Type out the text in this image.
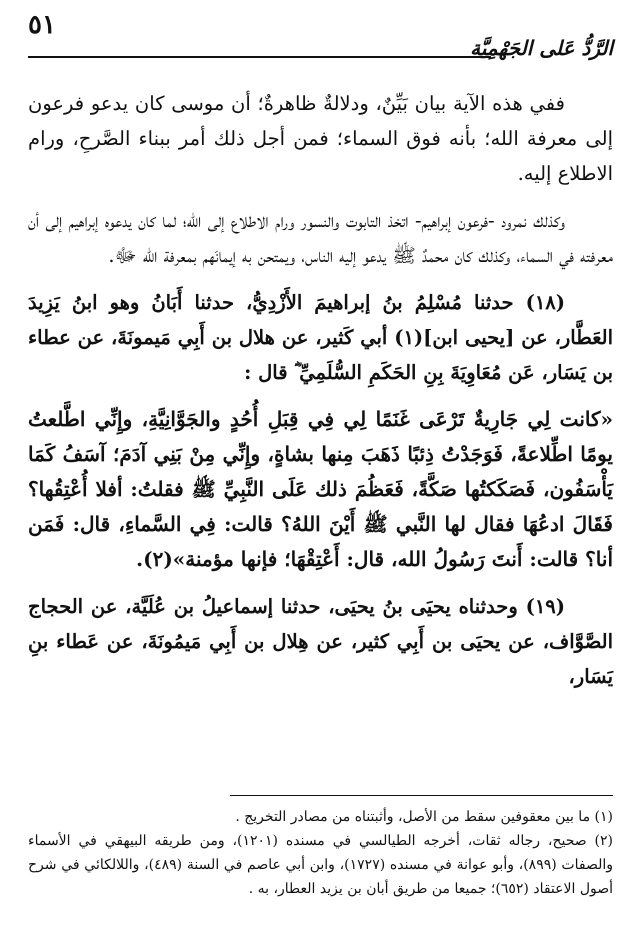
٥١
الرَّدُّ عَلى الجَهْمِيَّة

ففي هذه الآية بيان بَيِّنٌ، ودلالةٌ ظاهرةٌ؛ أن موسى كان يدعو فرعون إلى معرفة الله؛ بأنه فوق السماء؛ فمن أجل ذلك أمر ببناء الصَّرحِ، ورام الاطلاع إليه.

وكذلك نمرود -فرعون إبراهيم- اتخذ التابوت والنسور ورام الاطلاع إلى الله؛ لما كان يدعوه إبراهيم إلى أن معرفته في السماء، وكذلك كان محمدٌ ﷺ يدعو إليه الناس، ويمتحن به إيمانَهم بمعرفة الله ﷻ.

(١٨) حدثنا مُسْلِمُ بنُ إبراهيمَ الأَزْدِيُّ، حدثنا أَبَانُ وهو ابنُ يَزِيدَ العَطَّار، عن [يحيى ابن](١) أبي كَثير، عن هلال بن أَبِي مَيمونَةَ، عن عطاء بن يَسَار، عَن مُعَاوِيَةَ بِنِ الحَكَمِ السُّلَمِيِّ ؓ قال :

«كانت لِي جَارِيةٌ تَرْعَى غَنَمًا لِي فِي قِبَلِ أُحُدٍ والجَوَّانِيَّةِ، وإِنِّي اطَّلعتُ يومًا اطِّلاعةً، فَوَجَدْتُ ذِئبًا ذَهَبَ مِنها بشاةٍ، وإِنِّي مِنْ بَنِي آدَمَ؛ آسَفُ كَمَا يَأْسَفُون، فَصَكَكتُها صَكَّةً، فَعَظُمَ ذلك عَلَى النَّبِيِّ ﷺ فقلتُ: أفلا أُعْتِقُها؟ فَقَالَ ادعُهَا فقال لها النَّبي ﷺ أَيْنَ اللهُ؟ قالت: فِي السَّماءِ، قال: فَمَن أنا؟ قالت: أَنتَ رَسُولُ الله، قال: أَعْتِقْهَا؛ فإنها مؤمنة»(٢).

(١٩) وحدثناه يحيَى بنُ يحيَى، حدثنا إسماعيلُ بن عُلَيَّة، عن الحجاج الصَّوَّاف، عن يحيَى بن أَبِي كثير، عن هِلال بن أَبِي مَيمُونَةَ، عن عَطاء بنِ يَسَار،

(١) ما بين معقوفين سقط من الأصل، وأثبتناه من مصادر التخريج .

(٢) صحيح، رجاله ثقات، أخرجه الطيالسي في مسنده (١٢٠١)، ومن طريقه البيهقي في الأسماء والصفات (٨٩٩)، وأبو عوانة في مسنده (١٧٢٧)، وابن أبي عاصم في السنة (٤٨٩)، واللالكائي في شرح أصول الاعتقاد (٦٥٢)؛ جميعا من طريق أبان بن يزيد العطار، به .
